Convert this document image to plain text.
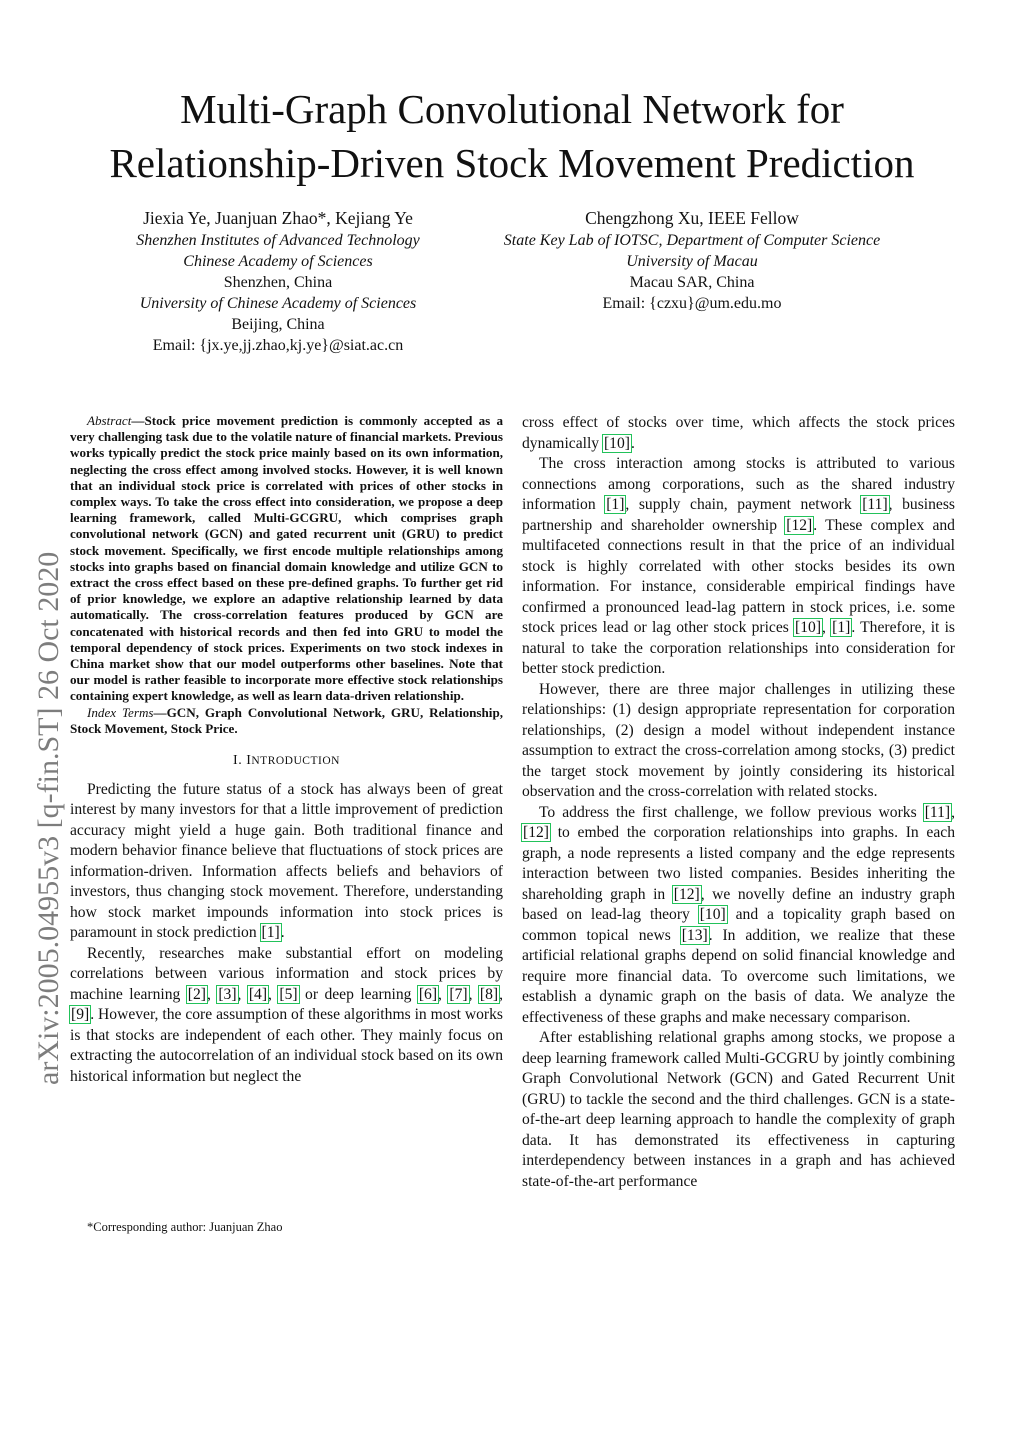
arXiv:2005.04955v3 [q-fin.ST] 26 Oct 2020
Multi-Graph Convolutional Network for
Relationship-Driven Stock Movement Prediction
Jiexia Ye, Juanjuan Zhao*, Kejiang Ye
Shenzhen Institutes of Advanced Technology
Chinese Academy of Sciences
Shenzhen, China
University of Chinese Academy of Sciences
Beijing, China
Email: {jx.ye,jj.zhao,kj.ye}@siat.ac.cn
Chengzhong Xu, IEEE Fellow
State Key Lab of IOTSC, Department of Computer Science
University of Macau
Macau SAR, China
Email: {czxu}@um.edu.mo

Abstract—Stock price movement prediction is commonly accepted as a very challenging task due to the volatile nature of financial markets. Previous works typically predict the stock price mainly based on its own information, neglecting the cross effect among involved stocks. However, it is well known that an individual stock price is correlated with prices of other stocks in complex ways. To take the cross effect into consideration, we propose a deep learning framework, called Multi-GCGRU, which comprises graph convolutional network (GCN) and gated recurrent unit (GRU) to predict stock movement. Specifically, we first encode multiple relationships among stocks into graphs based on financial domain knowledge and utilize GCN to extract the cross effect based on these pre-defined graphs. To further get rid of prior knowledge, we explore an adaptive relationship learned by data automatically. The cross-correlation features produced by GCN are concatenated with historical records and then fed into GRU to model the temporal dependency of stock prices. Experiments on two stock indexes in China market show that our model outperforms other baselines. Note that our model is rather feasible to incorporate more effective stock relationships containing expert knowledge, as well as learn data-driven relationship.

Index Terms—GCN, Graph Convolutional Network, GRU, Relationship, Stock Movement, Stock Price.

I. INTRODUCTION

Predicting the future status of a stock has always been of great interest by many investors for that a little improvement of prediction accuracy might yield a huge gain. Both traditional finance and modern behavior finance believe that fluctuations of stock prices are information-driven. Information affects beliefs and behaviors of investors, thus changing stock movement. Therefore, understanding how stock market impounds information into stock prices is paramount in stock prediction [1].

Recently, researches make substantial effort on modeling correlations between various information and stock prices by machine learning [2], [3], [4], [5] or deep learning [6], [7], [8], [9]. However, the core assumption of these algorithms in most works is that stocks are independent of each other. They mainly focus on extracting the autocorrelation of an individual stock based on its own historical information but neglect the

*Corresponding author: Juanjuan Zhao

cross effect of stocks over time, which affects the stock prices dynamically [10].

The cross interaction among stocks is attributed to various connections among corporations, such as the shared industry information [1], supply chain, payment network [11], business partnership and shareholder ownership [12]. These complex and multifaceted connections result in that the price of an individual stock is highly correlated with other stocks besides its own information. For instance, considerable empirical findings have confirmed a pronounced lead-lag pattern in stock prices, i.e. some stock prices lead or lag other stock prices [10], [1]. Therefore, it is natural to take the corporation relationships into consideration for better stock prediction.

However, there are three major challenges in utilizing these relationships: (1) design appropriate representation for corporation relationships, (2) design a model without independent instance assumption to extract the cross-correlation among stocks, (3) predict the target stock movement by jointly considering its historical observation and the cross-correlation with related stocks.

To address the first challenge, we follow previous works [11], [12] to embed the corporation relationships into graphs. In each graph, a node represents a listed company and the edge represents interaction between two listed companies. Besides inheriting the shareholding graph in [12], we novelly define an industry graph based on lead-lag theory [10] and a topicality graph based on common topical news [13]. In addition, we realize that these artificial relational graphs depend on solid financial knowledge and require more financial data. To overcome such limitations, we establish a dynamic graph on the basis of data. We analyze the effectiveness of these graphs and make necessary comparison.

After establishing relational graphs among stocks, we propose a deep learning framework called Multi-GCGRU by jointly combining Graph Convolutional Network (GCN) and Gated Recurrent Unit (GRU) to tackle the second and the third challenges. GCN is a state-of-the-art deep learning approach to handle the complexity of graph data. It has demonstrated its effectiveness in capturing interdependency between instances in a graph and has achieved state-of-the-art performance
